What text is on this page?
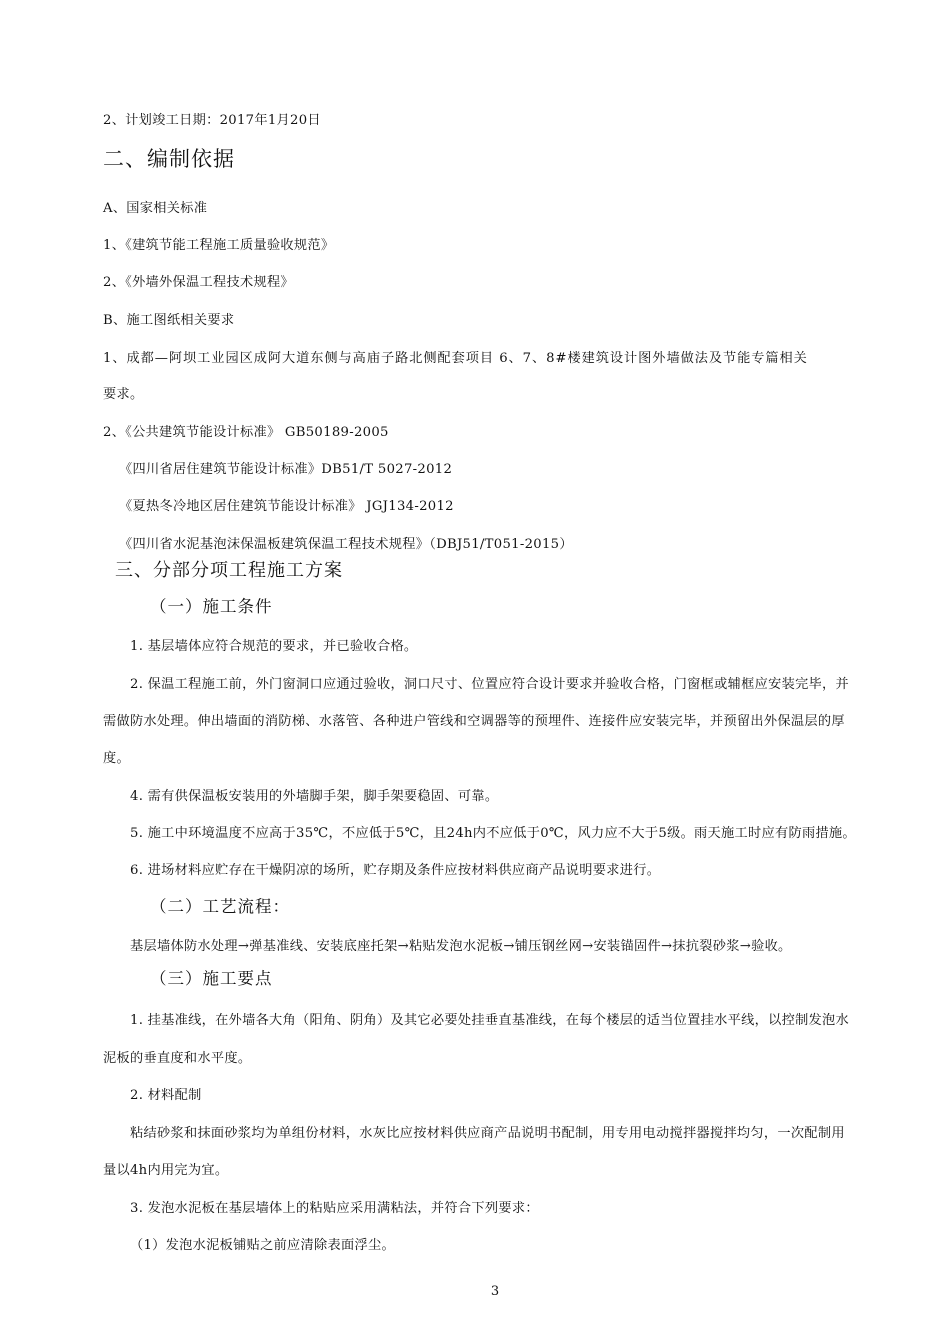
2、计划竣工日期：2017年1月20日
二、编制依据
A、国家相关标准
1、《建筑节能工程施工质量验收规范》
2、《外墙外保温工程技术规程》
B、施工图纸相关要求
1、成都—阿坝工业园区成阿大道东侧与高庙子路北侧配套项目 6、7、8#楼建筑设计图外墙做法及节能专篇相关
要求。
2、《公共建筑节能设计标准》 GB50189-2005
《四川省居住建筑节能设计标准》DB51/T 5027-2012
《夏热冬冷地区居住建筑节能设计标准》 JGJ134-2012
《四川省水泥基泡沫保温板建筑保温工程技术规程》（DBJ51/T051-2015）
三、分部分项工程施工方案
（一）施工条件
1. 基层墙体应符合规范的要求，并已验收合格。
2. 保温工程施工前，外门窗洞口应通过验收，洞口尺寸、位置应符合设计要求并验收合格，门窗框或辅框应安装完毕，并
需做防水处理。伸出墙面的消防梯、水落管、各种进户管线和空调器等的预埋件、连接件应安装完毕，并预留出外保温层的厚
度。
4. 需有供保温板安装用的外墙脚手架，脚手架要稳固、可靠。
5. 施工中环境温度不应高于35℃，不应低于5℃，且24h内不应低于0℃，风力应不大于5级。雨天施工时应有防雨措施。
6. 进场材料应贮存在干燥阴凉的场所，贮存期及条件应按材料供应商产品说明要求进行。
（二）工艺流程：
基层墙体防水处理→弹基准线、安装底座托架→粘贴发泡水泥板→铺压钢丝网→安装锚固件→抹抗裂砂浆→验收。
（三）施工要点
1. 挂基准线，在外墙各大角（阳角、阴角）及其它必要处挂垂直基准线，在每个楼层的适当位置挂水平线，以控制发泡水
泥板的垂直度和水平度。
2. 材料配制
粘结砂浆和抹面砂浆均为单组份材料，水灰比应按材料供应商产品说明书配制，用专用电动搅拌器搅拌均匀，一次配制用
量以4h内用完为宜。
3. 发泡水泥板在基层墙体上的粘贴应采用满粘法，并符合下列要求：
（1）发泡水泥板铺贴之前应清除表面浮尘。
3
